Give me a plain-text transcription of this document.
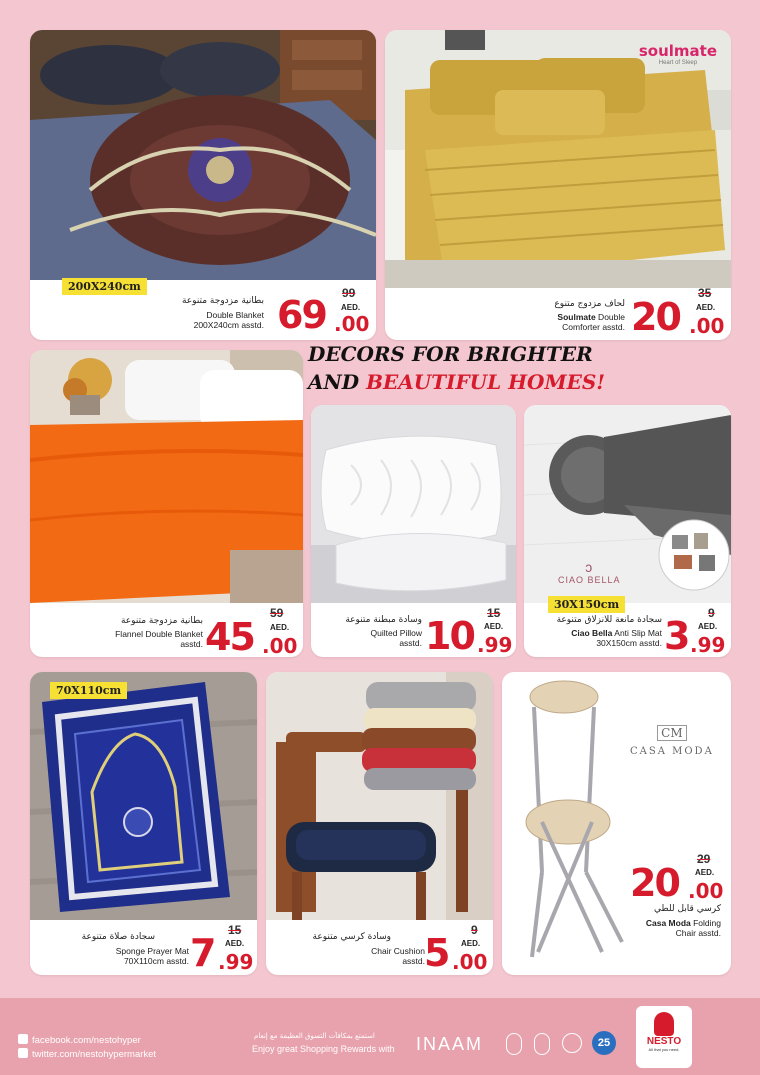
200X240cm
بطانية مزدوجة متنوعة
Double Blanket
200X240cm asstd.
99
AED.
69 .00
soulmate
Heart of Sleep
لحاف مزدوج متنوع
Soulmate Double
Comforter asstd.
35
AED.
20 .00
DECORS FOR BRIGHTER
AND BEAUTIFUL HOMES!
بطانية مزدوجة متنوعة
Flannel Double Blanket
asstd.
59
AED.
45 .00
وسادة مبطنة متنوعة
Quilted Pillow
asstd.
15
AED.
10 .99
ↄ
CIAO BELLA
30X150cm
سجادة مانعة للانزلاق متنوعة
Ciao Bella Anti Slip Mat
30X150cm asstd.
9
AED.
3 .99
70X110cm
سجادة صلاة متنوعة
Sponge Prayer Mat
70X110cm asstd.
15
AED.
7 .99
وسادة كرسي متنوعة
Chair Cushion
asstd.
9
AED.
5 .00
CM
CASA MODA
29
AED.
20 .00
كرسي قابل للطي
Casa Moda Folding
Chair asstd.
facebook.com/nestohyper
twitter.com/nestohypermarket
استمتع بمكافآت التسوق العظيمة مع إنعام
Enjoy great Shopping Rewards with INAAM	25	NESTO
All that you need.
